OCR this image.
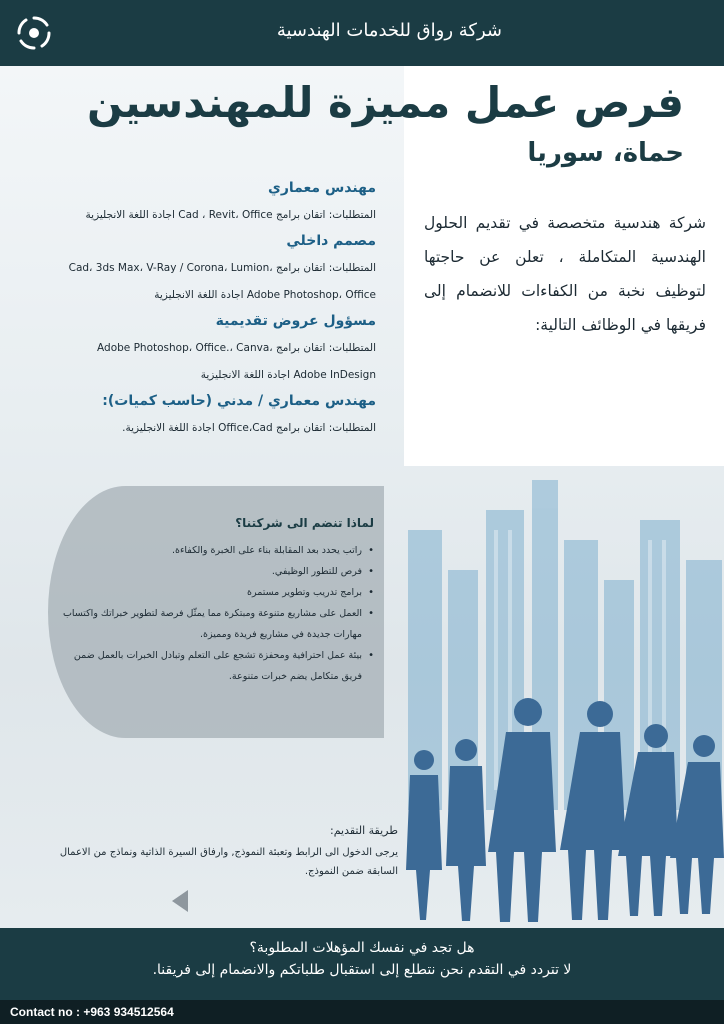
شركة رواق للخدمات الهندسية
فرص عمل مميزة للمهندسين
حماة، سوريا
مهندس معماري
المتطلبات: اتقان برامج Cad ، Revit، Office اجادة اللغة الانجليزية
مصمم داخلي
المتطلبات: اتقان برامج ،Cad، 3ds Max، V-Ray / Corona، Lumion
Adobe Photoshop، Office اجادة اللغة الانجليزية
مسؤول عروض تقديمية
المتطلبات: اتقان برامج ،Adobe Photoshop، Office.، Canva
Adobe InDesign اجادة اللغة الانجليزية
مهندس معماري / مدني (حاسب كميات):
المتطلبات: اتقان برامج Office،Cad اجادة اللغة الانجليزية.
شركة هندسية متخصصة في تقديم الحلول الهندسية المتكاملة ، تعلن عن حاجتها لتوظيف نخبة من الكفاءات للانضمام إلى فريقها في الوظائف التالية:
لماذا تنضم الى شركتنا؟
• راتب يحدد بعد المقابلة بناء على الخبرة والكفاءة.
• فرص للتطور الوظيفي.
• برامج تدريب وتطوير مستمرة
• العمل على مشاريع متنوعة ومبتكرة مما يمثّل فرصة لتطوير خبراتك واكتساب مهارات جديدة في مشاريع فريدة ومميزة.
• بيئة عمل احترافية ومحفزة تشجع على التعلم وتبادل الخبرات بالعمل ضمن فريق متكامل يضم خبرات متنوعة.
طريقة التقديم:
يرجى الدخول الى الرابط وتعبئة النموذج, وارفاق السيرة الذاتية ونماذج من الاعمال السابقة ضمن النموذج.
هل تجد في نفسك المؤهلات المطلوبة؟
لا تتردد في التقدم نحن نتطلع إلى استقبال طلباتكم والانضمام إلى فريقنا.
Contact no : +963 934512564
